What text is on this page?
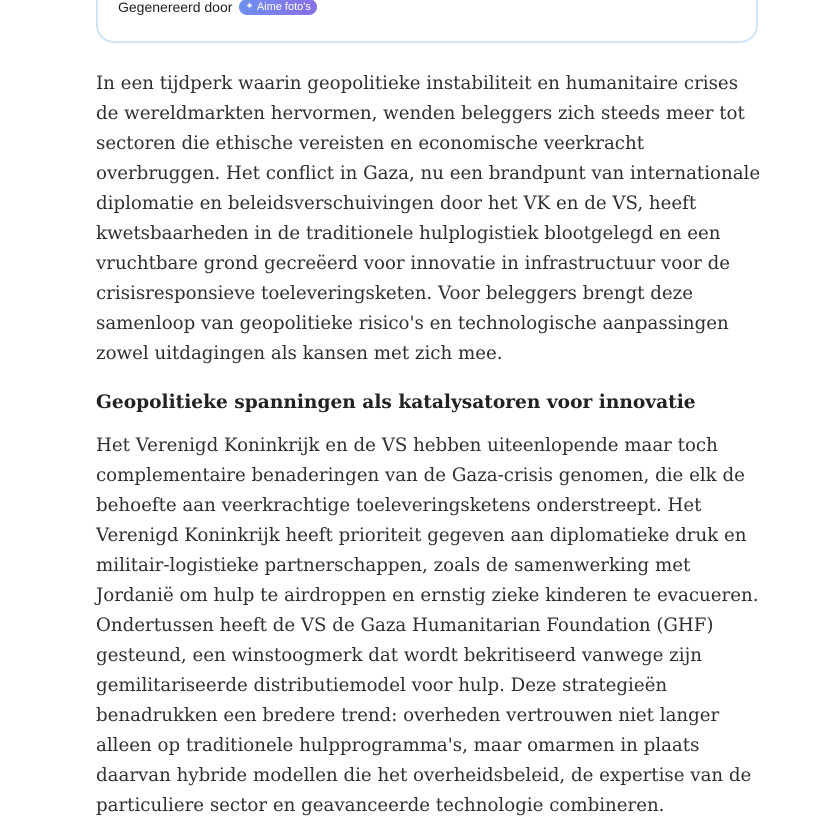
Gegenereerd door ✦ Aime foto's

In een tijdperk waarin geopolitieke instabiliteit en humanitaire crises de wereldmarkten hervormen, wenden beleggers zich steeds meer tot sectoren die ethische vereisten en economische veerkracht overbruggen. Het conflict in Gaza, nu een brandpunt van internationale diplomatie en beleidsverschuivingen door het VK en de VS, heeft kwetsbaarheden in de traditionele hulplogistiek blootgelegd en een vruchtbare grond gecreëerd voor innovatie in infrastructuur voor de crisisresponsieve toeleveringsketen. Voor beleggers brengt deze samenloop van geopolitieke risico's en technologische aanpassingen zowel uitdagingen als kansen met zich mee.

Geopolitieke spanningen als katalysatoren voor innovatie

Het Verenigd Koninkrijk en de VS hebben uiteenlopende maar toch complementaire benaderingen van de Gaza-crisis genomen, die elk de behoefte aan veerkrachtige toeleveringsketens onderstreept. Het Verenigd Koninkrijk heeft prioriteit gegeven aan diplomatieke druk en militair-logistieke partnerschappen, zoals de samenwerking met Jordanië om hulp te airdroppen en ernstig zieke kinderen te evacueren. Ondertussen heeft de VS de Gaza Humanitarian Foundation (GHF) gesteund, een winstoogmerk dat wordt bekritiseerd vanwege zijn gemilitariseerde distributiemodel voor hulp. Deze strategieën benadrukken een bredere trend: overheden vertrouwen niet langer alleen op traditionele hulpprogramma's, maar omarmen in plaats daarvan hybride modellen die het overheidsbeleid, de expertise van de particuliere sector en geavanceerde technologie combineren.
